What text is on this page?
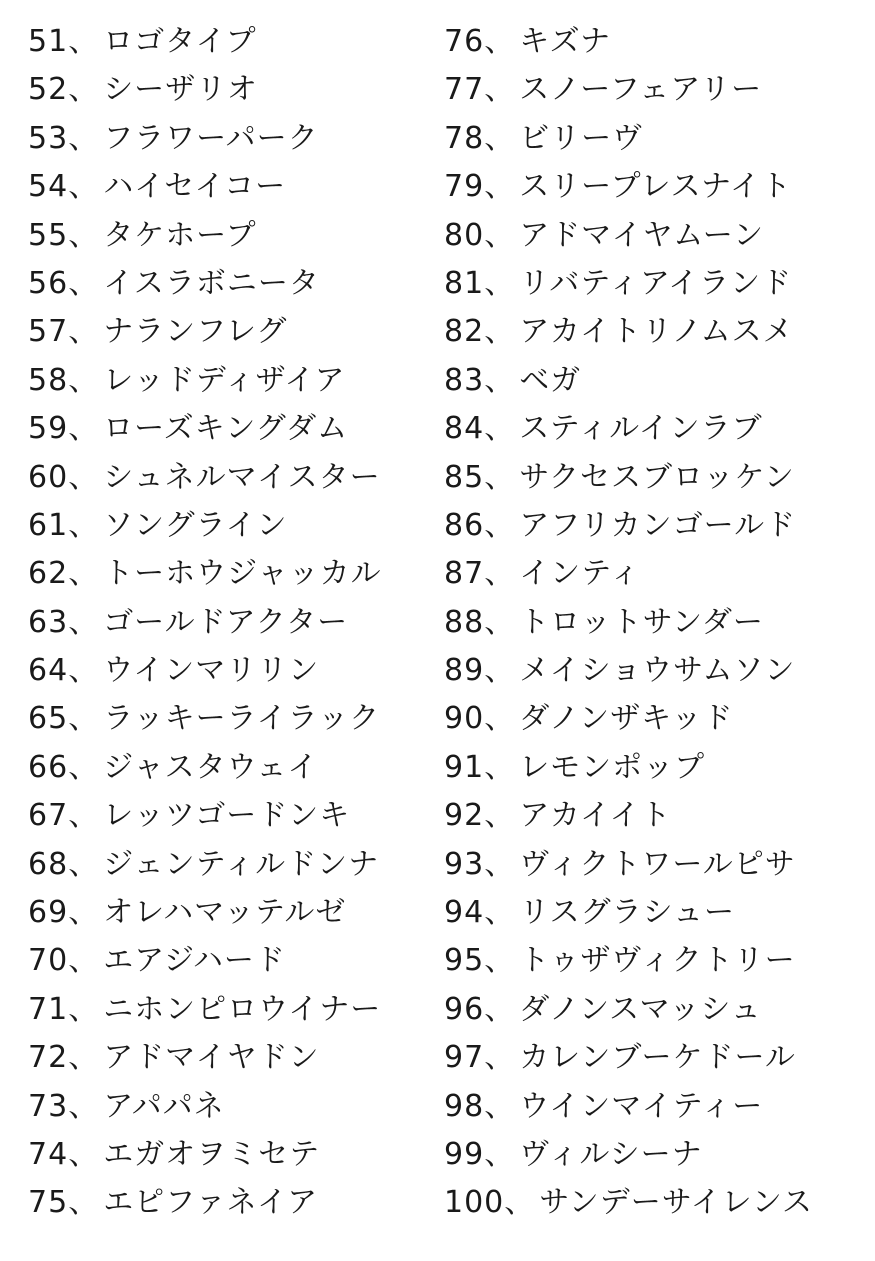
51、 ロゴタイプ
52、 シーザリオ
53、 フラワーパーク
54、 ハイセイコー
55、 タケホープ
56、 イスラボニータ
57、 ナランフレグ
58、 レッドディザイア
59、 ローズキングダム
60、 シュネルマイスター
61、 ソングライン
62、 トーホウジャッカル
63、 ゴールドアクター
64、 ウインマリリン
65、 ラッキーライラック
66、 ジャスタウェイ
67、 レッツゴードンキ
68、 ジェンティルドンナ
69、 オレハマッテルゼ
70、 エアジハード
71、 ニホンピロウイナー
72、 アドマイヤドン
73、 アパパネ
74、 エガオヲミセテ
75、 エピファネイア
76、 キズナ
77、 スノーフェアリー
78、 ビリーヴ
79、 スリープレスナイト
80、 アドマイヤムーン
81、 リバティアイランド
82、 アカイトリノムスメ
83、 ベガ
84、 スティルインラブ
85、 サクセスブロッケン
86、 アフリカンゴールド
87、 インティ
88、 トロットサンダー
89、 メイショウサムソン
90、 ダノンザキッド
91、 レモンポップ
92、 アカイイト
93、 ヴィクトワールピサ
94、 リスグラシュー
95、 トゥザヴィクトリー
96、 ダノンスマッシュ
97、 カレンブーケドール
98、 ウインマイティー
99、 ヴィルシーナ
100、 サンデーサイレンス
